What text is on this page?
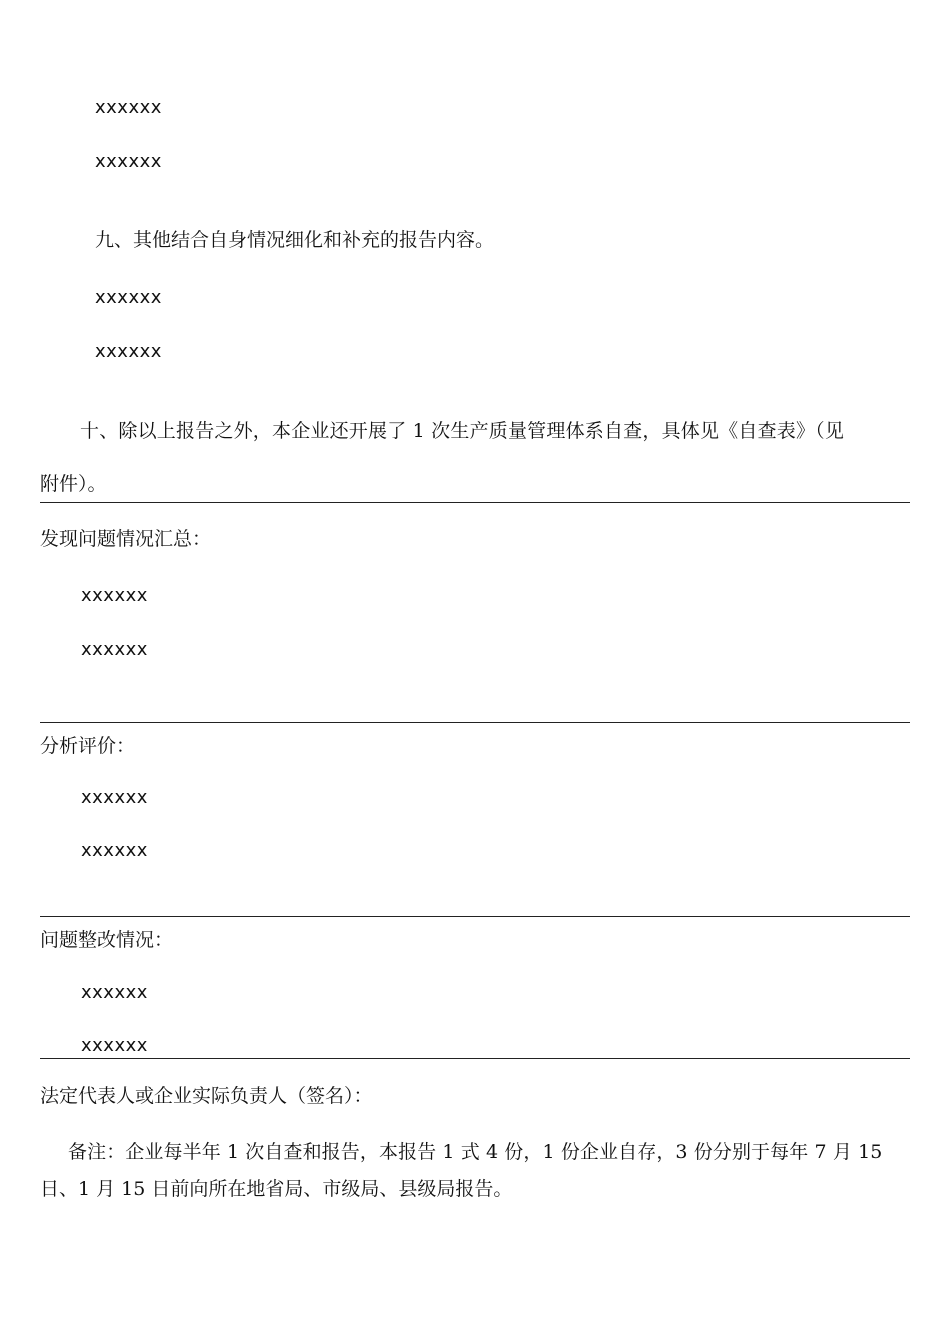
xxxxxx
xxxxxx
九、其他结合自身情况细化和补充的报告内容。
xxxxxx
xxxxxx
十、除以上报告之外，本企业还开展了 1 次生产质量管理体系自查，具体见《自查表》（见
附件）。
发现问题情况汇总：
xxxxxx
xxxxxx
分析评价：
xxxxxx
xxxxxx
问题整改情况：
xxxxxx
xxxxxx
法定代表人或企业实际负责人（签名）：
备注：企业每半年 1 次自查和报告，本报告 1 式 4 份，1 份企业自存，3 份分别于每年 7 月 15
日、1 月 15 日前向所在地省局、市级局、县级局报告。
